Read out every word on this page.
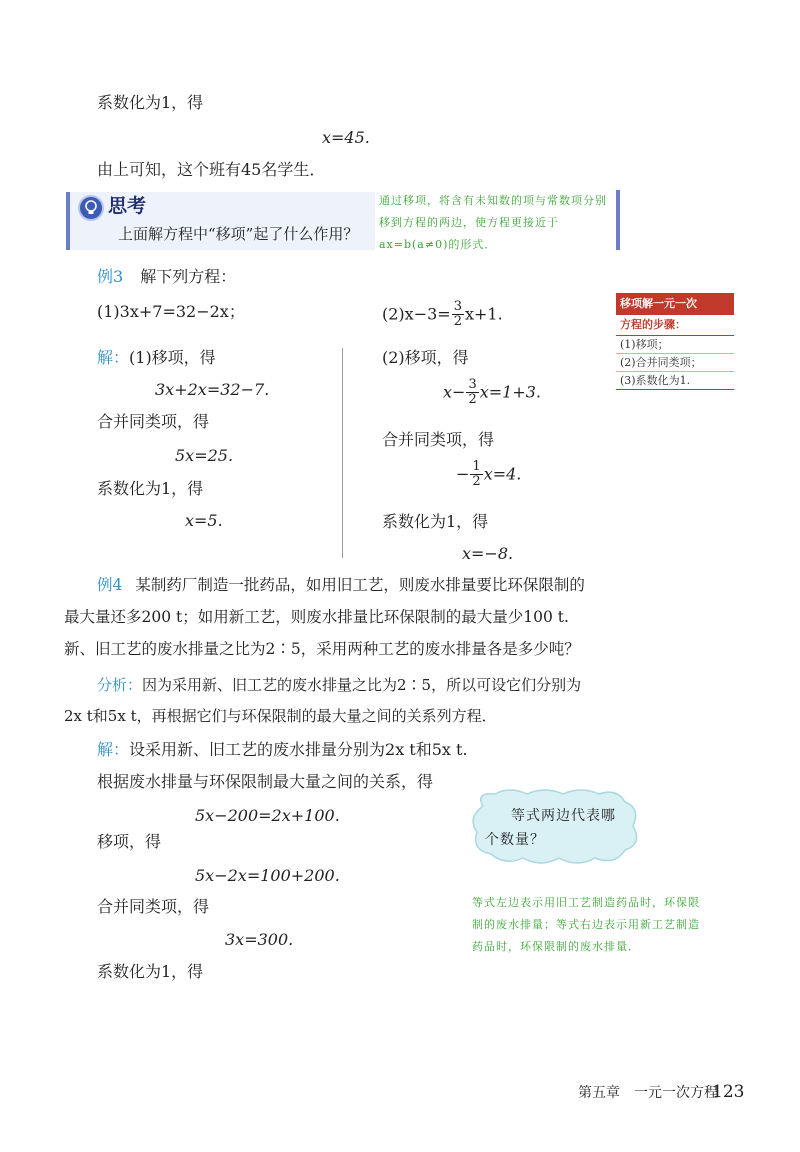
系数化为1，得
x=45.
由上可知，这个班有45名学生．
思考
上面解方程中“移项”起了什么作用？
通过移项，将含有未知数的项与常数项分别移到方程的两边，使方程更接近于ax=b(a≠0)的形式．
例3 解下列方程：
(1)3x+7=32−2x；	$(2)x-3= \frac{3}{2} x+1$.
解：(1)移项，得
3x+2x=32−7.
合并同类项，得
5x=25.
系数化为1，得
x=5.
(2)移项，得
$x- \frac{3}{2} x=1+3$.
合并同类项，得
− $\frac{1}{2} x=4$.
系数化为1，得
x=−8.
移项解一元一次
方程的步骤：
(1)移项；
(2)合并同类项；
(3)系数化为1.
例4 某制药厂制造一批药品，如用旧工艺，则废水排量要比环保限制的
最大量还多200 t；如用新工艺，则废水排量比环保限制的最大量少100 t.
新、旧工艺的废水排量之比为2∶5，采用两种工艺的废水排量各是多少吨？
分析：因为采用新、旧工艺的废水排量之比为2∶5，所以可设它们分别为
2x t和5x t，再根据它们与环保限制的最大量之间的关系列方程．
解：设采用新、旧工艺的废水排量分别为2x t和5x t.
根据废水排量与环保限制最大量之间的关系，得
5x−200=2x+100.
移项，得
5x−2x=100+200.
合并同类项，得
3x=300.
系数化为1，得
等式两边代表哪
个数量？
等式左边表示用旧工艺制造药品时，环保限制的废水排量；等式右边表示用新工艺制造药品时，环保限制的废水排量．
第五章　一元一次方程
123
